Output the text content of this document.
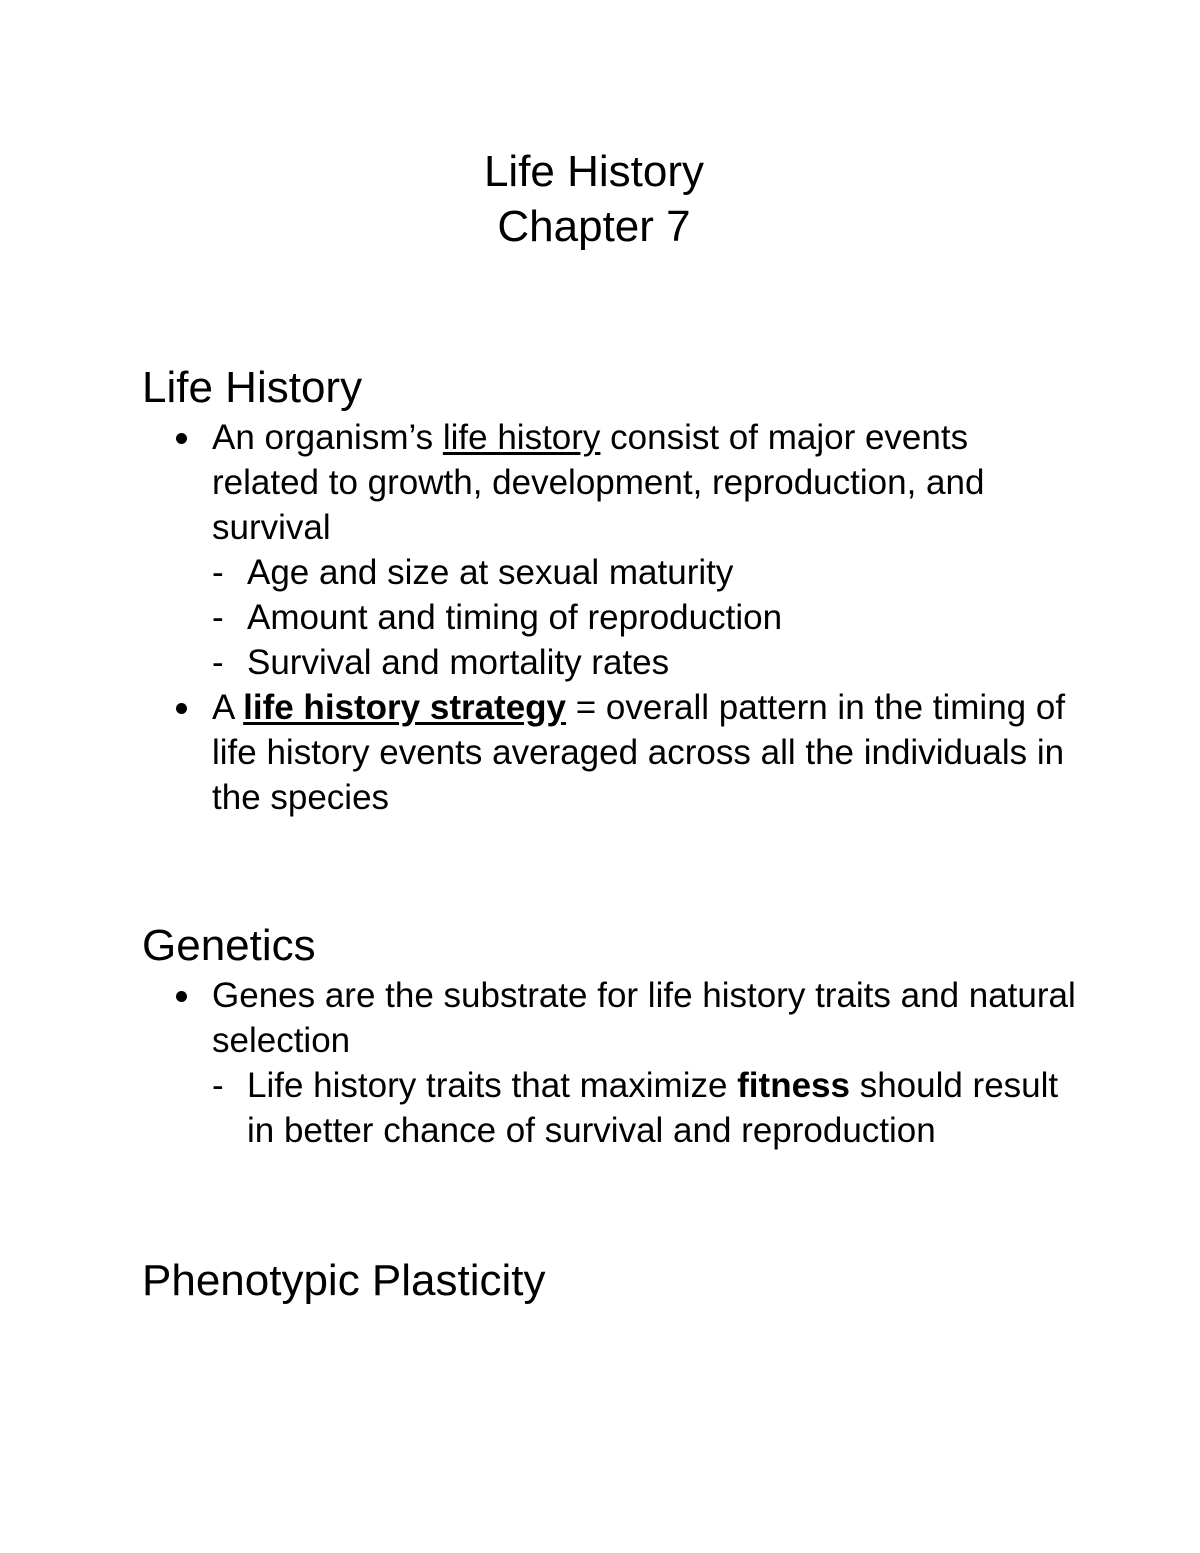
Life History
Chapter 7
Life History
An organism’s life history consist of major events related to growth, development, reproduction, and survival
- Age and size at sexual maturity
- Amount and timing of reproduction
- Survival and mortality rates
A life history strategy = overall pattern in the timing of life history events averaged across all the individuals in the species
Genetics
Genes are the substrate for life history traits and natural selection
- Life history traits that maximize fitness should result in better chance of survival and reproduction
Phenotypic Plasticity
